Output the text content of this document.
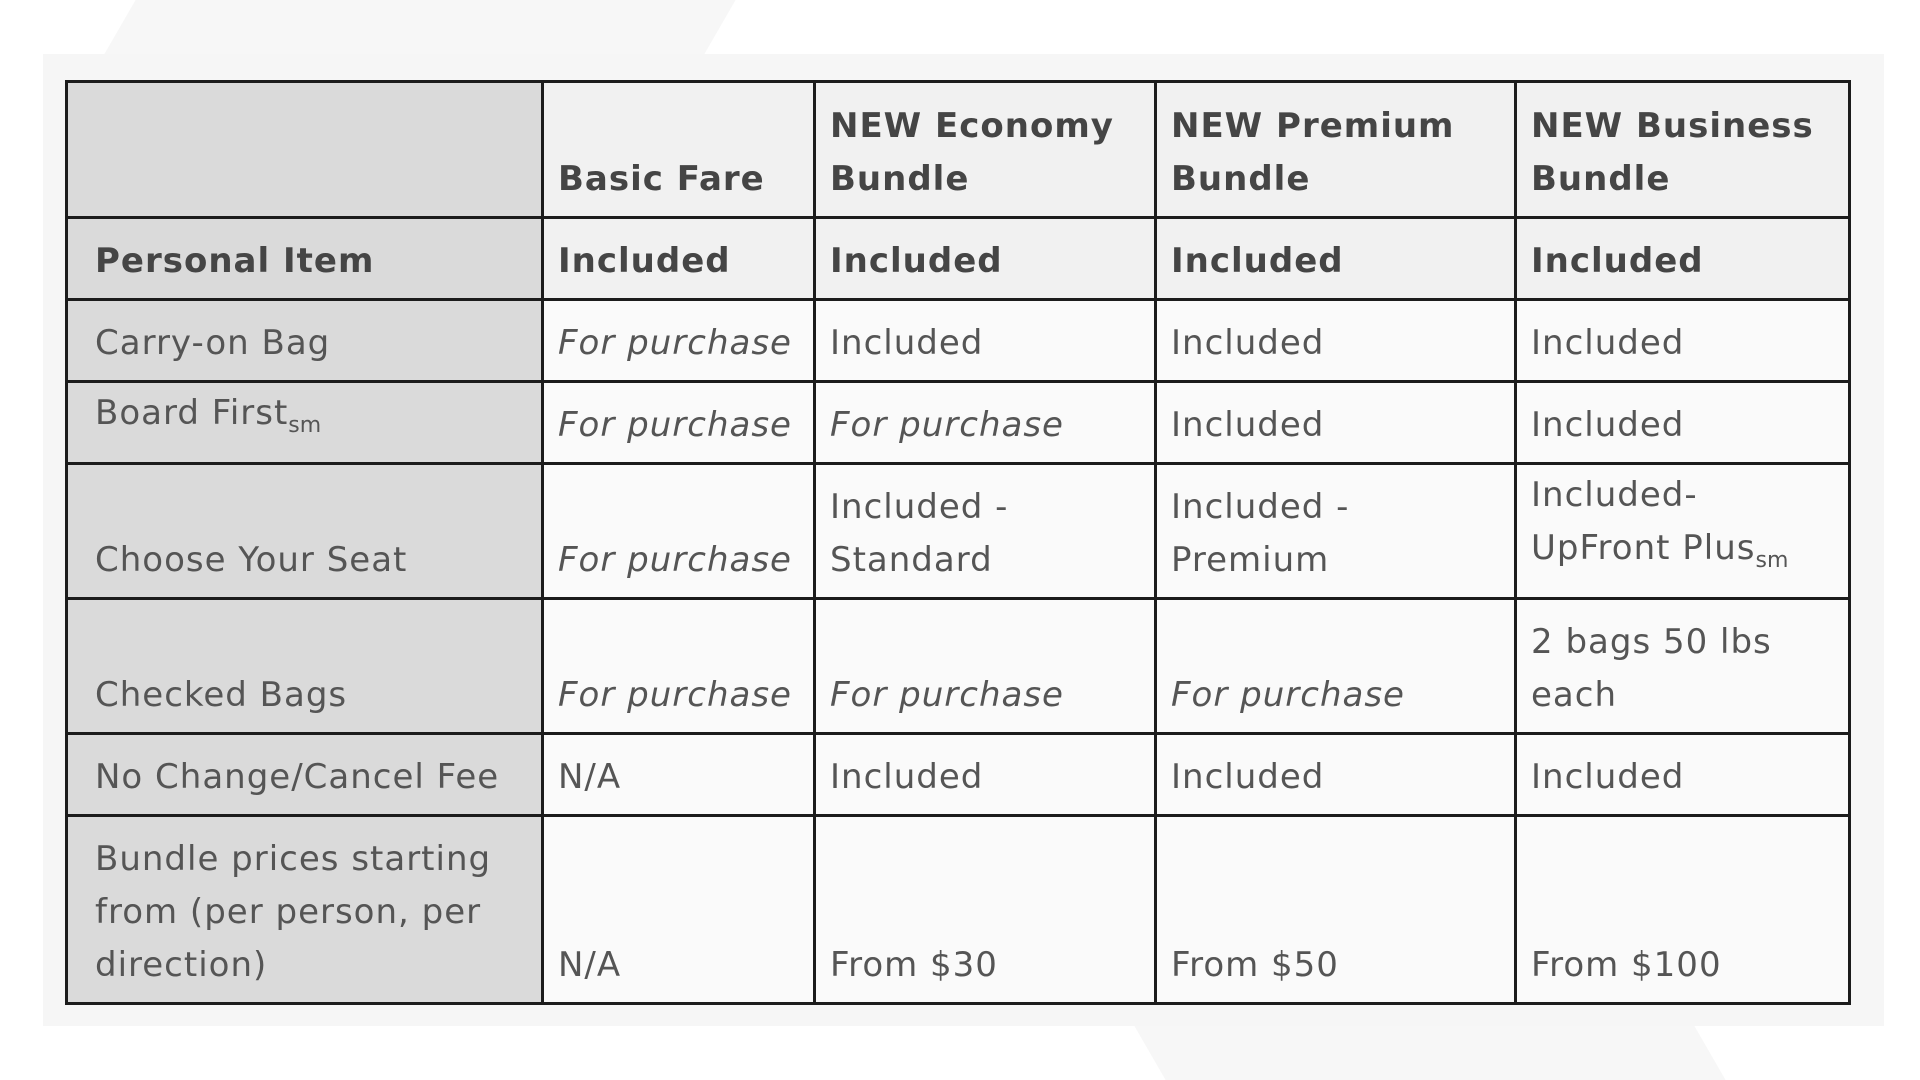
	Basic Fare	NEW Economy Bundle	NEW Premium Bundle	NEW Business Bundle
Personal Item	Included	Included	Included	Included
Carry-on Bag	For purchase	Included	Included	Included
Board First$_{sm}$	For purchase	For purchase	Included	Included
Choose Your Seat	For purchase	Included - Standard	Included - Premium	Included- UpFront Plus$_{sm}$
Checked Bags	For purchase	For purchase	For purchase	2 bags 50 lbs each
No Change/Cancel Fee	N/A	Included	Included	Included
Bundle prices starting from (per person, per direction)	N/A	From $30	From $50	From $100
